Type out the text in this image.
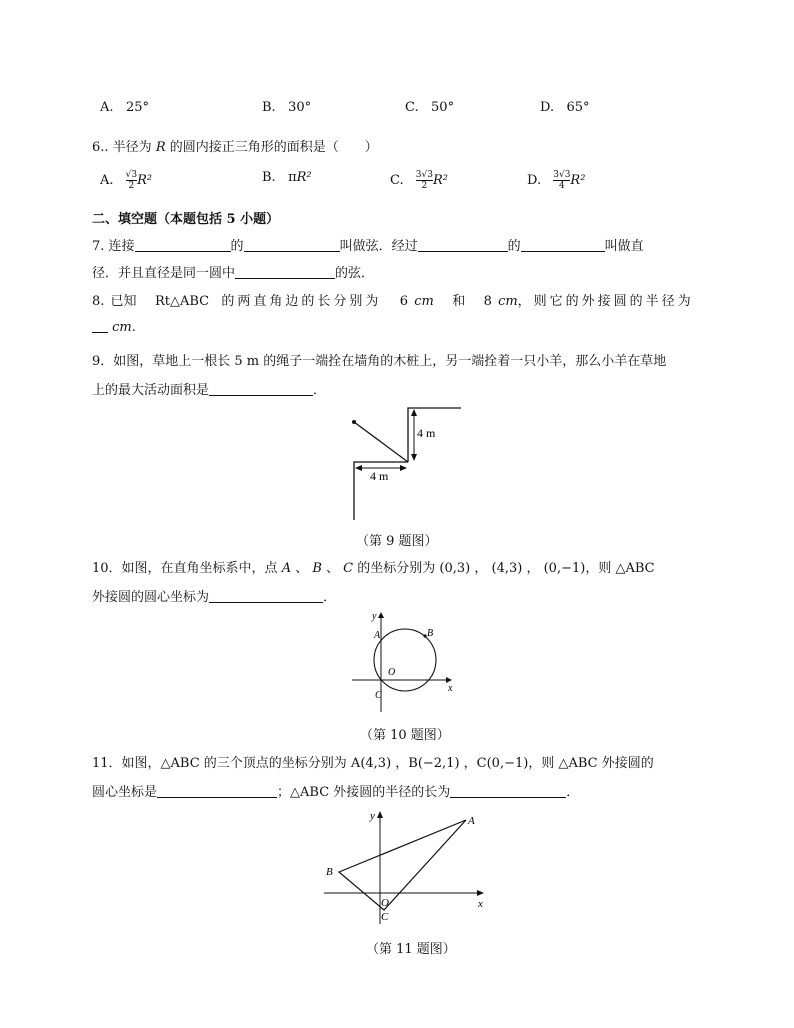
A. 25°	B. 30°	C. 50°	D. 65°
6.. 半径为 R 的圆内接正三角形的面积是（　　）
A. $\frac{√3}{2} R^2$	B. πR²	C. $\frac{3√3}{2} R^2$	D. $\frac{3√3}{4} R^2$
二、填空题（本题包括 5 小题）
7. 连接	的	叫做弦．经过	的	叫做直
径．并且直径是同一圆中	的弦．
8. 已知 Rt△ABC 的两直角边的长分别为 6 cm 和 8 cm，则它的外接圆的半径为
cm.
9．如图，草地上一根长 5 m 的绳子一端拴在墙角的木桩上，另一端拴着一只小羊，那么小羊在草地
上的最大活动面积是	．
4 m
4 m
（第 9 题图）
10．如图，在直角坐标系中，点 A 、 B 、 C 的坐标分别为 (0,3) ， (4,3) ， (0,−1)，则 △ABC
外接圆的圆心坐标为	．
y
x
A	B
O
C
（第 10 题图）
11．如图，△ABC 的三个顶点的坐标分别为 A(4,3) ，B(−2,1) ，C(0,−1)，则 △ABC 外接圆的
圆心坐标是	；△ABC 外接圆的半径的长为	．
y
x
A
B
O
C
（第 11 题图）
